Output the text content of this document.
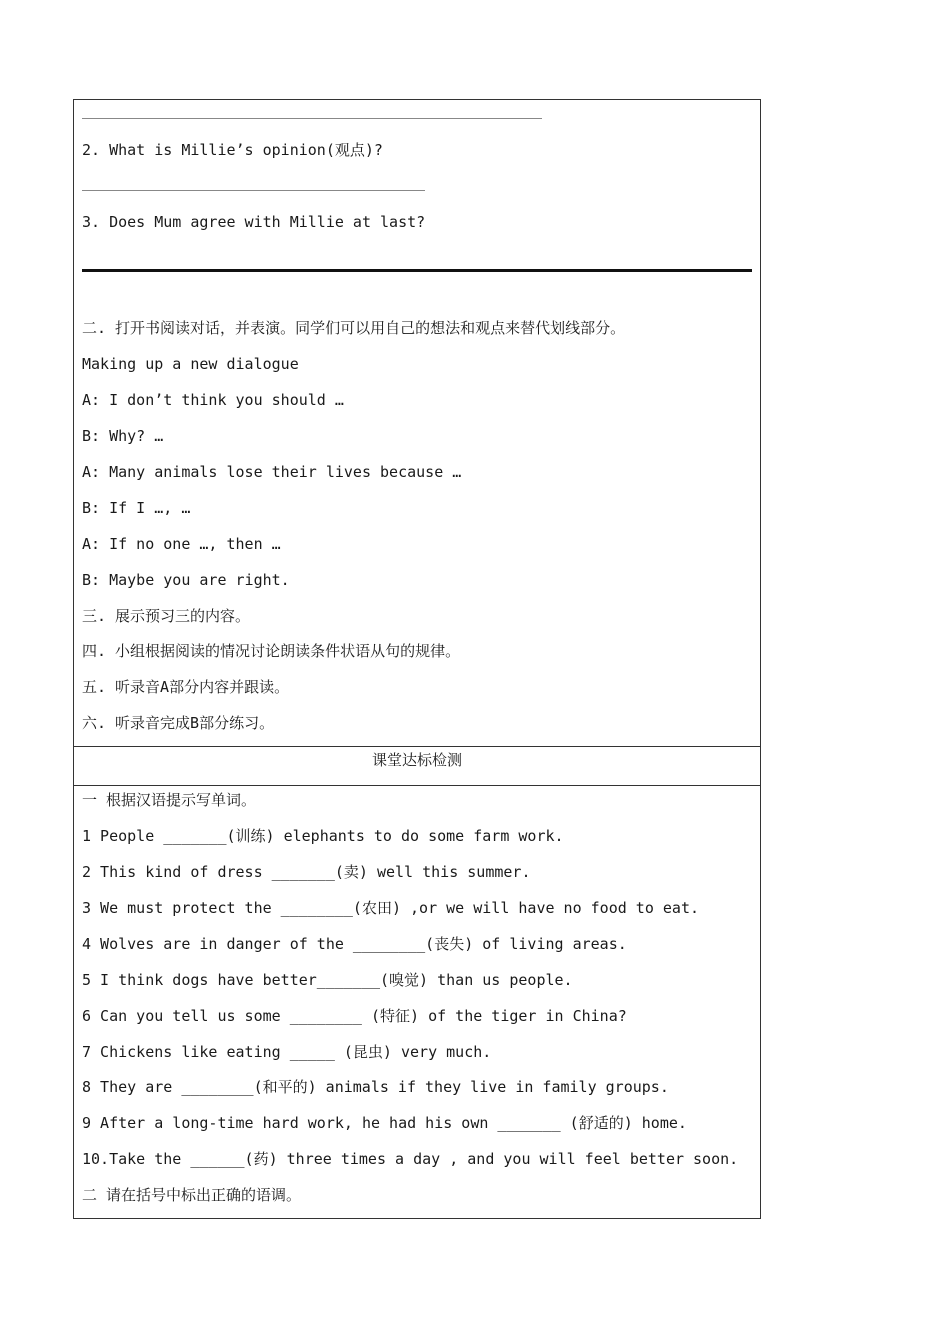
2. What is Millie’s opinion(观点)?
3. Does Mum agree with Millie at last?
二. 打开书阅读对话，并表演。同学们可以用自己的想法和观点来替代划线部分。
Making up a new dialogue
A: I don’t think you should …
B: Why? …
A: Many animals lose their lives because …
B: If I …, …
A: If no one …, then …
B: Maybe you are right.
三. 展示预习三的内容。
四. 小组根据阅读的情况讨论朗读条件状语从句的规律。
五. 听录音A部分内容并跟读。
六. 听录音完成B部分练习。
课堂达标检测
一 根据汉语提示写单词。
1 People _______(训练) elephants to do some farm work.
2 This kind of dress _______(卖) well this summer.
3 We must protect the ________(农田) ,or we will have no food to eat.
4 Wolves are in danger of the ________(丧失) of living areas.
5 I think dogs have better_______(嗅觉) than us people.
6 Can you tell us some ________ (特征) of the tiger in China?
7 Chickens like eating _____ (昆虫) very much.
8 They are ________(和平的) animals if they live in family groups.
9 After a long-time hard work, he had his own _______ (舒适的) home.
10.Take the ______(药) three times a day , and you will feel better soon.
二 请在括号中标出正确的语调。
